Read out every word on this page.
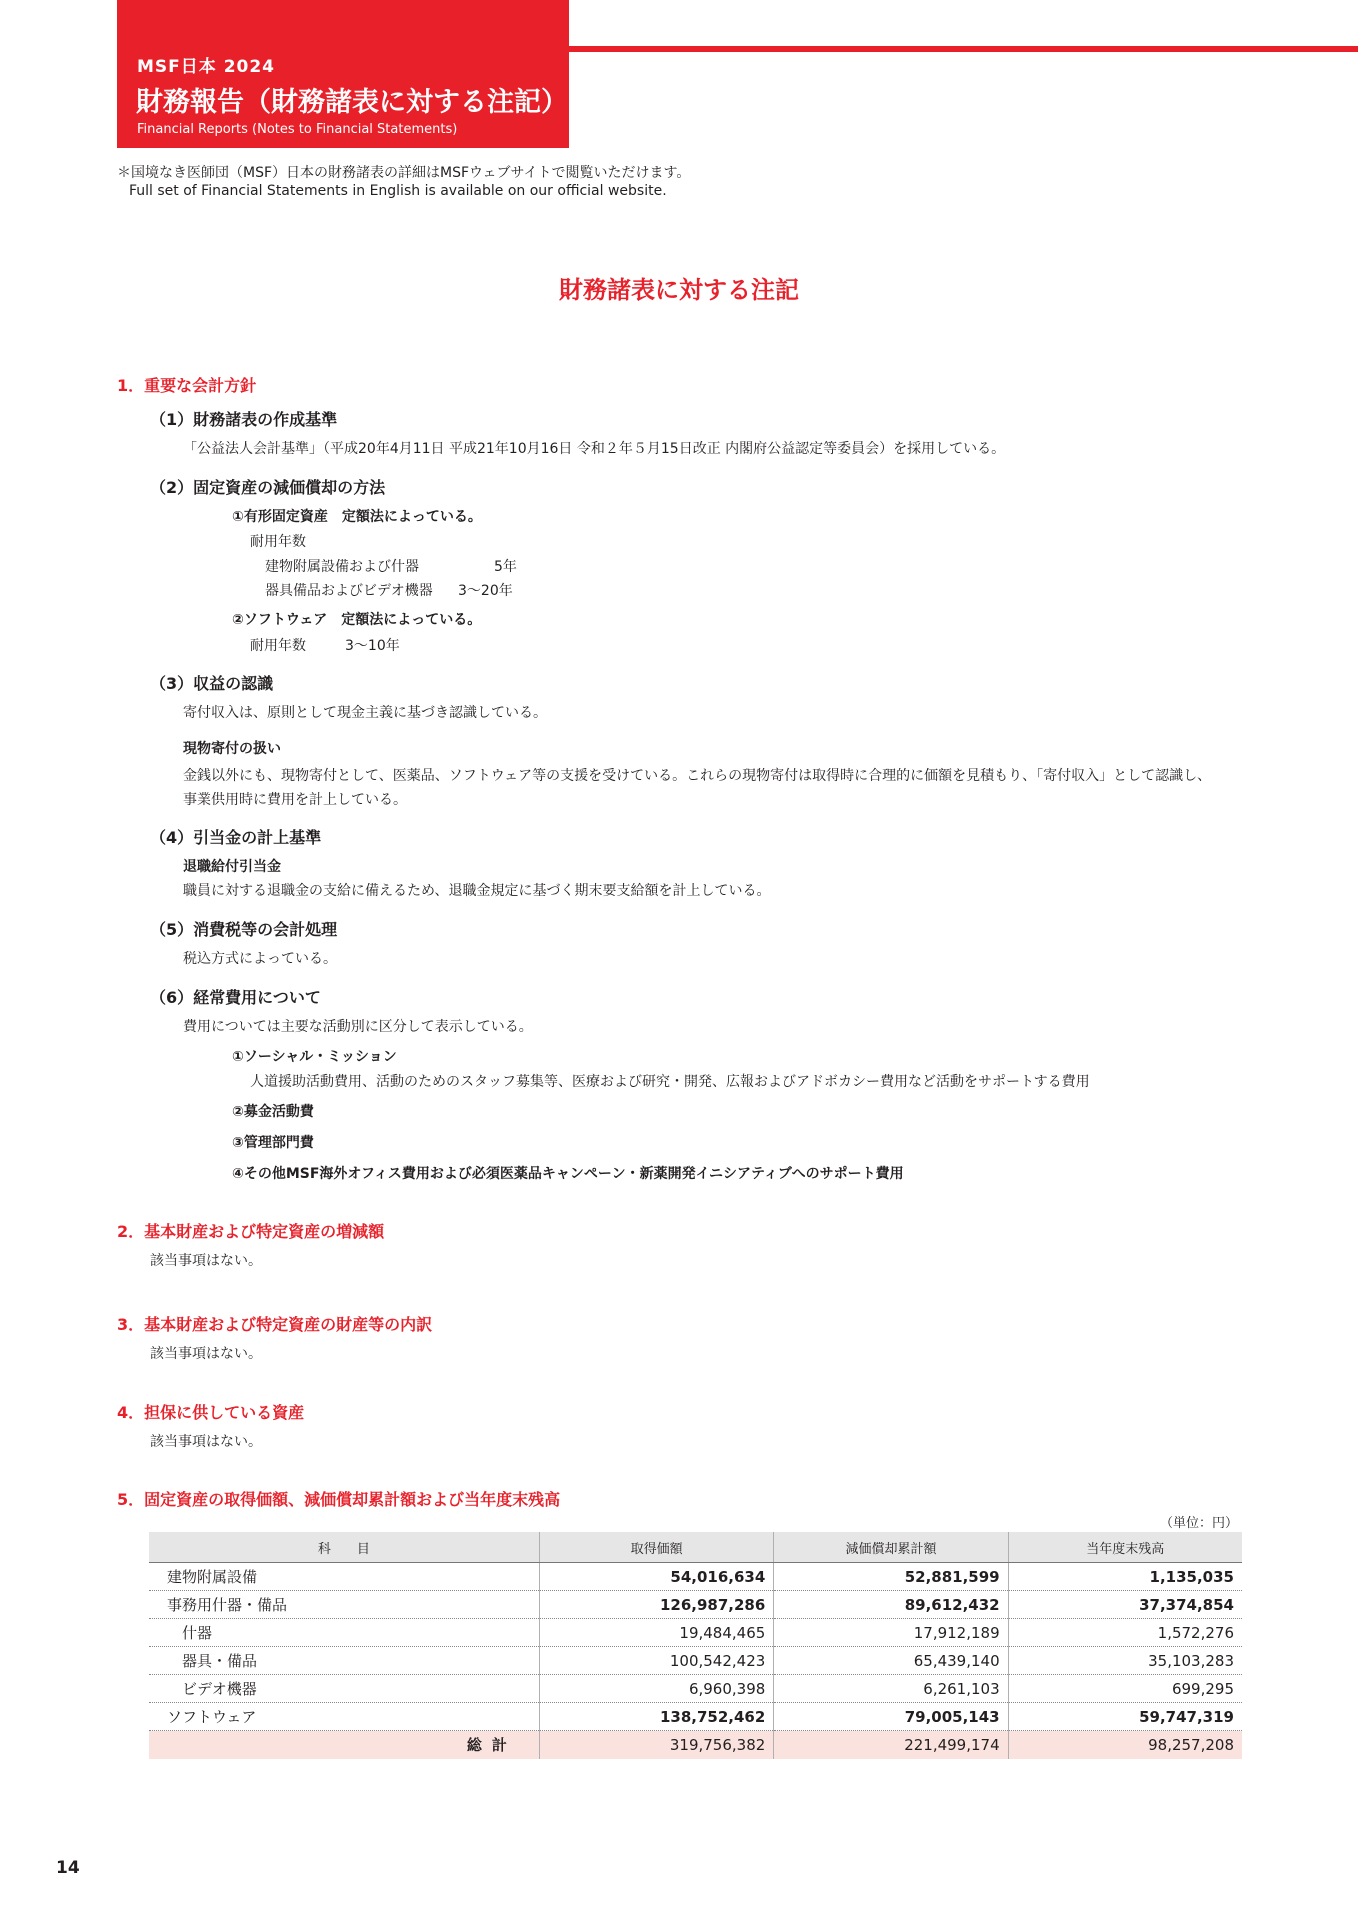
MSF日本 2024
財務報告（財務諸表に対する注記）
Financial Reports (Notes to Financial Statements)
＊国境なき医師団（MSF）日本の財務諸表の詳細はMSFウェブサイトで閲覧いただけます。
Full set of Financial Statements in English is available on our official website.
財務諸表に対する注記
1．重要な会計方針
（1）財務諸表の作成基準
「公益法人会計基準」（平成20年4月11日 平成21年10月16日 令和２年５月15日改正 内閣府公益認定等委員会）を採用している。
（2）固定資産の減価償却の方法
①有形固定資産　定額法によっている。
耐用年数
建物附属設備および什器	5年
器具備品およびビデオ機器 3〜20年
②ソフトウェア　定額法によっている。
耐用年数	3〜10年
（3）収益の認識
寄付収入は、原則として現金主義に基づき認識している。
現物寄付の扱い
金銭以外にも、現物寄付として、医薬品、ソフトウェア等の支援を受けている。これらの現物寄付は取得時に合理的に価額を見積もり、「寄付収入」として認識し、
事業供用時に費用を計上している。
（4）引当金の計上基準
退職給付引当金
職員に対する退職金の支給に備えるため、退職金規定に基づく期末要支給額を計上している。
（5）消費税等の会計処理
税込方式によっている。
（6）経常費用について
費用については主要な活動別に区分して表示している。
①ソーシャル・ミッション
人道援助活動費用、活動のためのスタッフ募集等、医療および研究・開発、広報およびアドボカシー費用など活動をサポートする費用
②募金活動費
③管理部門費
④その他MSF海外オフィス費用および必須医薬品キャンペーン・新薬開発イニシアティブへのサポート費用
2．基本財産および特定資産の増減額
該当事項はない。
3．基本財産および特定資産の財産等の内訳
該当事項はない。
4．担保に供している資産
該当事項はない。
5．固定資産の取得価額、減価償却累計額および当年度末残高
（単位：円）
科　　目	取得価額	減価償却累計額	当年度末残高
建物附属設備	54,016,634	52,881,599	1,135,035
事務用什器・備品	126,987,286	89,612,432	37,374,854
什器	19,484,465	17,912,189	1,572,276
器具・備品	100,542,423	65,439,140	35,103,283
ビデオ機器	6,960,398	6,261,103	699,295
ソフトウェア	138,752,462	79,005,143	59,747,319
総計	319,756,382	221,499,174	98,257,208
14
